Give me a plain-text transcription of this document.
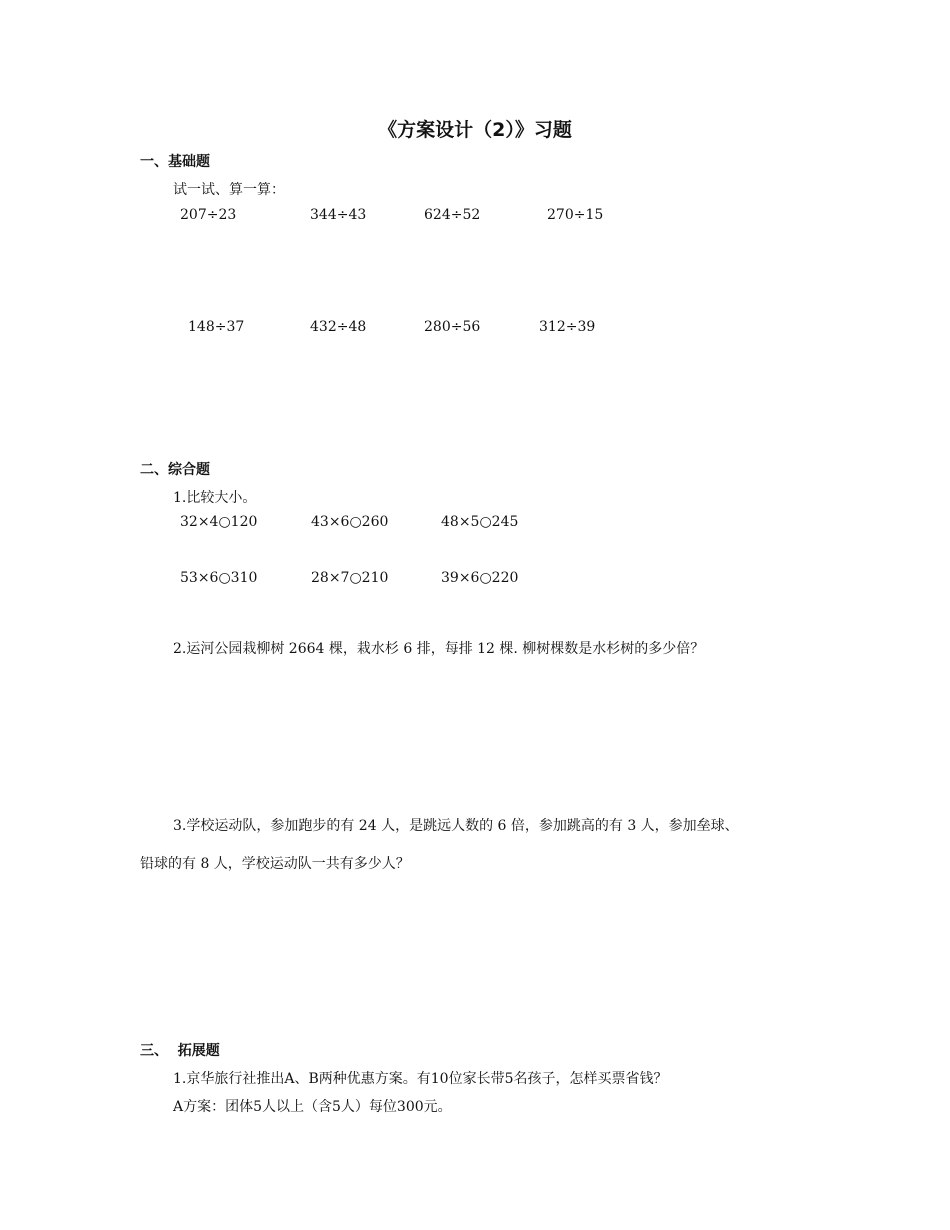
《方案设计（2）》习题
一、基础题
试一试、算一算：
207÷23	344÷43	624÷52	270÷15
148÷37	432÷48	280÷56	312÷39
二、综合题
1.比较大小。
32×4○120	43×6○260	48×5○245
53×6○310	28×7○210	39×6○220
2.运河公园栽柳树 2664 棵，栽水杉 6 排，每排 12 棵. 柳树棵数是水杉树的多少倍？
3.学校运动队，参加跑步的有 24 人，是跳远人数的 6 倍，参加跳高的有 3 人，参加垒球、
铅球的有 8 人，学校运动队一共有多少人？
三、  拓展题
1.京华旅行社推出A、B两种优惠方案。有10位家长带5名孩子，怎样买票省钱？
A方案：团体5人以上（含5人）每位300元。
